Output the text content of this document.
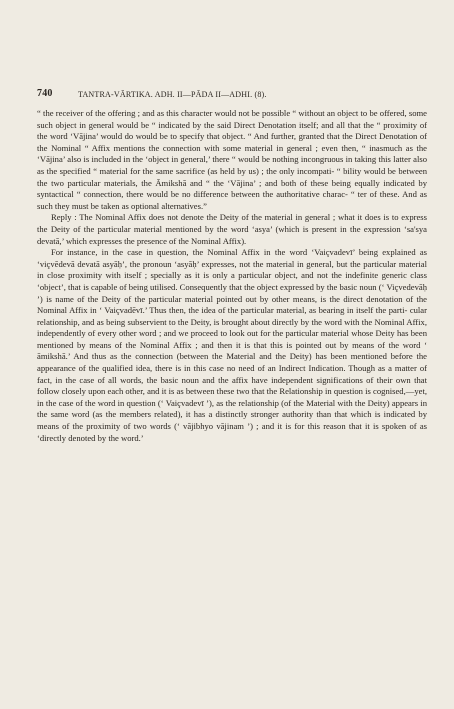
740	TANTRA-VĀRTIKA. ADH. II—PĀDA II—ADHI. (8).

“ the receiver of the offering ; and as this character would not be possible “ without an object to be offered, some such object in general would be “ indicated by the said Direct Denotation itself; and all that the “ proximity of the word ‘Vājina’ would do would be to specify that object. “ And further, granted that the Direct Denotation of the Nominal “ Affix mentions the connection with some material in general ; even then, “ inasmuch as the ‘Vājina’ also is included in the ‘object in general,’ there “ would be nothing incongruous in taking this latter also as the specified “ material for the same sacrifice (as held by us) ; the only incompati- “ bility would be between the two particular materials, the Āmikshā and “ the ‘Vājina’ ; and both of these being equally indicated by syntactical “ connection, there would be no difference between the authoritative charac- “ ter of these. And as such they must be taken as optional alternatives.”

Reply : The Nominal Affix does not denote the Deity of the material in general ; what it does is to express the Deity of the particular material mentioned by the word ‘asya’ (which is present in the expression ‘sa'sya devatā,’ which expresses the presence of the Nominal Affix).

For instance, in the case in question, the Nominal Affix in the word ‘Vaiçvadevī’ being explained as ‘viçvēdevā devatā asyāḥ’, the pronoun ‘asyāḥ’ expresses, not the material in general, but the particular material in close proximity with itself ; specially as it is only a particular object, and not the indefinite generic class ‘object’, that is capable of being utilised. Consequently that the object expressed by the basic noun (‘ Viçvedevāḥ ’) is name of the Deity of the particular material pointed out by other means, is the direct denotation of the Nominal Affix in ‘ Vaiçvadēvī.’ Thus then, the idea of the particular material, as bearing in itself the parti- cular relationship, and as being subservient to the Deity, is brought about directly by the word with the Nominal Affix, independently of every other word ; and we proceed to look out for the particular material whose Deity has been mentioned by means of the Nominal Affix ; and then it is that this is pointed out by means of the word ‘ āmikshā.’ And thus as the connection (between the Material and the Deity) has been mentioned before the appearance of the qualified idea, there is in this case no need of an Indirect Indication. Though as a matter of fact, in the case of all words, the basic noun and the affix have independent significations of their own that follow closely upon each other, and it is as between these two that the Relationship in question is cognised,—yet, in the case of the word in question (‘ Vaiçvadevī ’), as the relationship (of the Material with the Deity) appears in the same word (as the members related), it has a distinctly stronger authority than that which is indicated by means of the proximity of two words (‘ vājibhyo vājinam ’) ; and it is for this reason that it is spoken of as ‘directly denoted by the word.’
